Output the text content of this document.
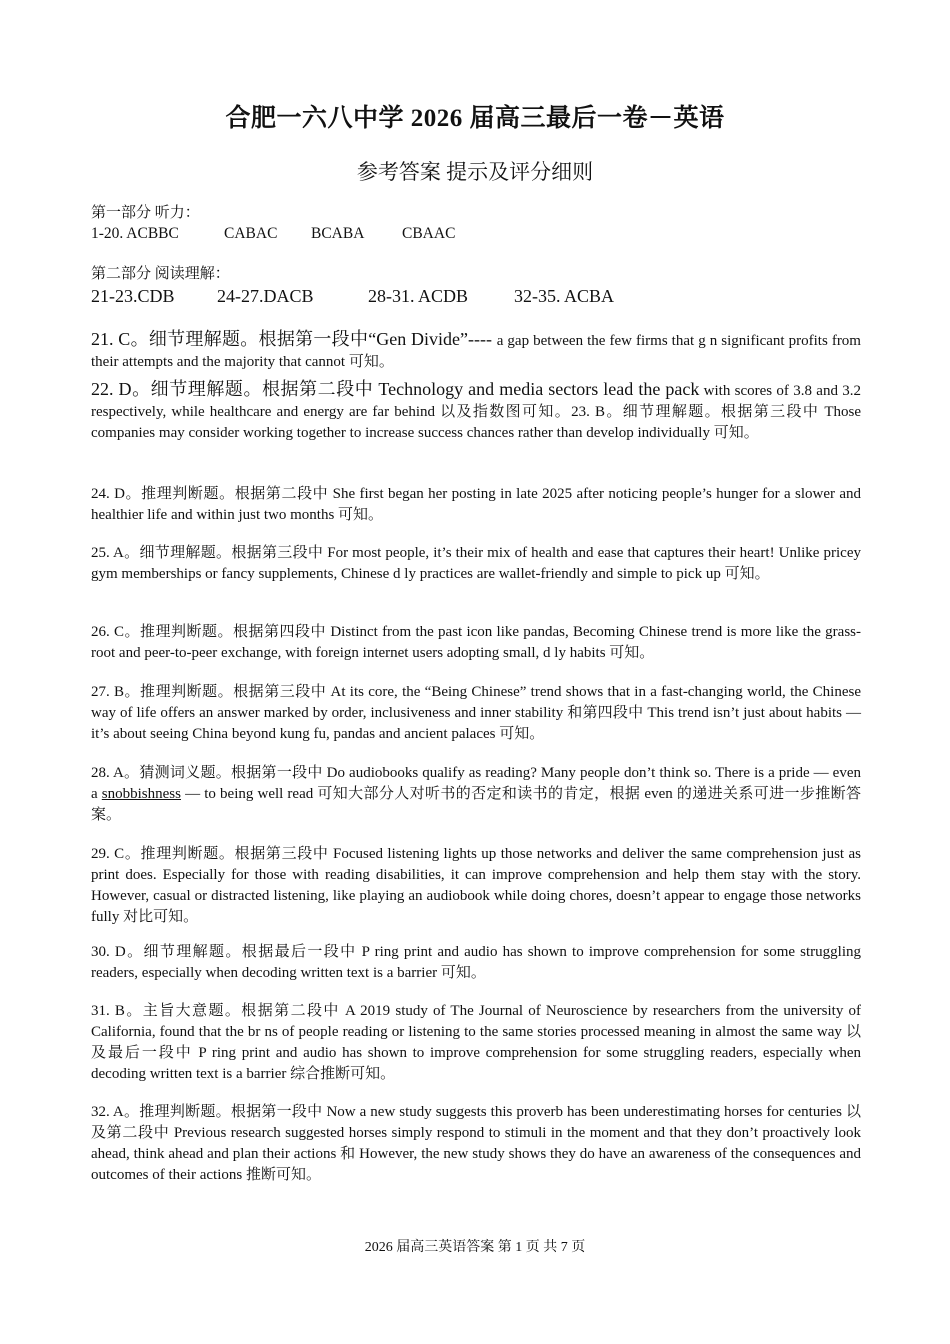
合肥一六八中学 2026 届高三最后一卷－英语
参考答案 提示及评分细则
第一部分 听力：
1-20. ACBBC	CABAC	BCABA	CBAAC
第二部分 阅读理解：
21-23.CDB	24-27.DACB	28-31. ACDB	32-35. ACBA

21. C。细节理解题。根据第一段中“Gen Divide”---- a gap between the few firms that g n significant profits from their attempts and the majority that cannot 可知。

22. D。细节理解题。根据第二段中 Technology and media sectors lead the pack with scores of 3.8 and 3.2 respectively, while healthcare and energy are far behind 以及指数图可知。23. B。细节理解题。根据第三段中 Those companies may consider working together to increase success chances rather than develop individually 可知。

24. D。推理判断题。根据第二段中 She first began her posting in late 2025 after noticing people’s hunger for a slower and healthier life and within just two months 可知。

25. A。细节理解题。根据第三段中 For most people, it’s their mix of health and ease that captures their heart! Unlike pricey gym memberships or fancy supplements, Chinese d ly practices are wallet-friendly and simple to pick up 可知。

26. C。推理判断题。根据第四段中 Distinct from the past icon like pandas, Becoming Chinese trend is more like the grass-root and peer-to-peer exchange, with foreign internet users adopting small, d ly habits 可知。

27. B。推理判断题。根据第三段中 At its core, the “Being Chinese” trend shows that in a fast-changing world, the Chinese way of life offers an answer marked by order, inclusiveness and inner stability 和第四段中 This trend isn’t just about habits — it’s about seeing China beyond kung fu, pandas and ancient palaces 可知。

28. A。猜测词义题。根据第一段中 Do audiobooks qualify as reading? Many people don’t think so. There is a pride — even a snobbishness — to being well read 可知大部分人对听书的否定和读书的肯定，根据 even 的递进关系可进一步推断答案。

29. C。推理判断题。根据第三段中 Focused listening lights up those networks and deliver the same comprehension just as print does. Especially for those with reading disabilities, it can improve comprehension and help them stay with the story. However, casual or distracted listening, like playing an audiobook while doing chores, doesn’t appear to engage those networks fully 对比可知。

30. D。细节理解题。根据最后一段中 P ring print and audio has shown to improve comprehension for some struggling readers, especially when decoding written text is a barrier 可知。

31. B。主旨大意题。根据第二段中 A 2019 study of The Journal of Neuroscience by researchers from the university of California, found that the br ns of people reading or listening to the same stories processed meaning in almost the same way 以及最后一段中 P ring print and audio has shown to improve comprehension for some struggling readers, especially when decoding written text is a barrier 综合推断可知。

32. A。推理判断题。根据第一段中 Now a new study suggests this proverb has been underestimating horses for centuries 以及第二段中 Previous research suggested horses simply respond to stimuli in the moment and that they don’t proactively look ahead, think ahead and plan their actions 和 However, the new study shows they do have an awareness of the consequences and outcomes of their actions 推断可知。

2026 届高三英语答案 第 1 页 共 7 页
